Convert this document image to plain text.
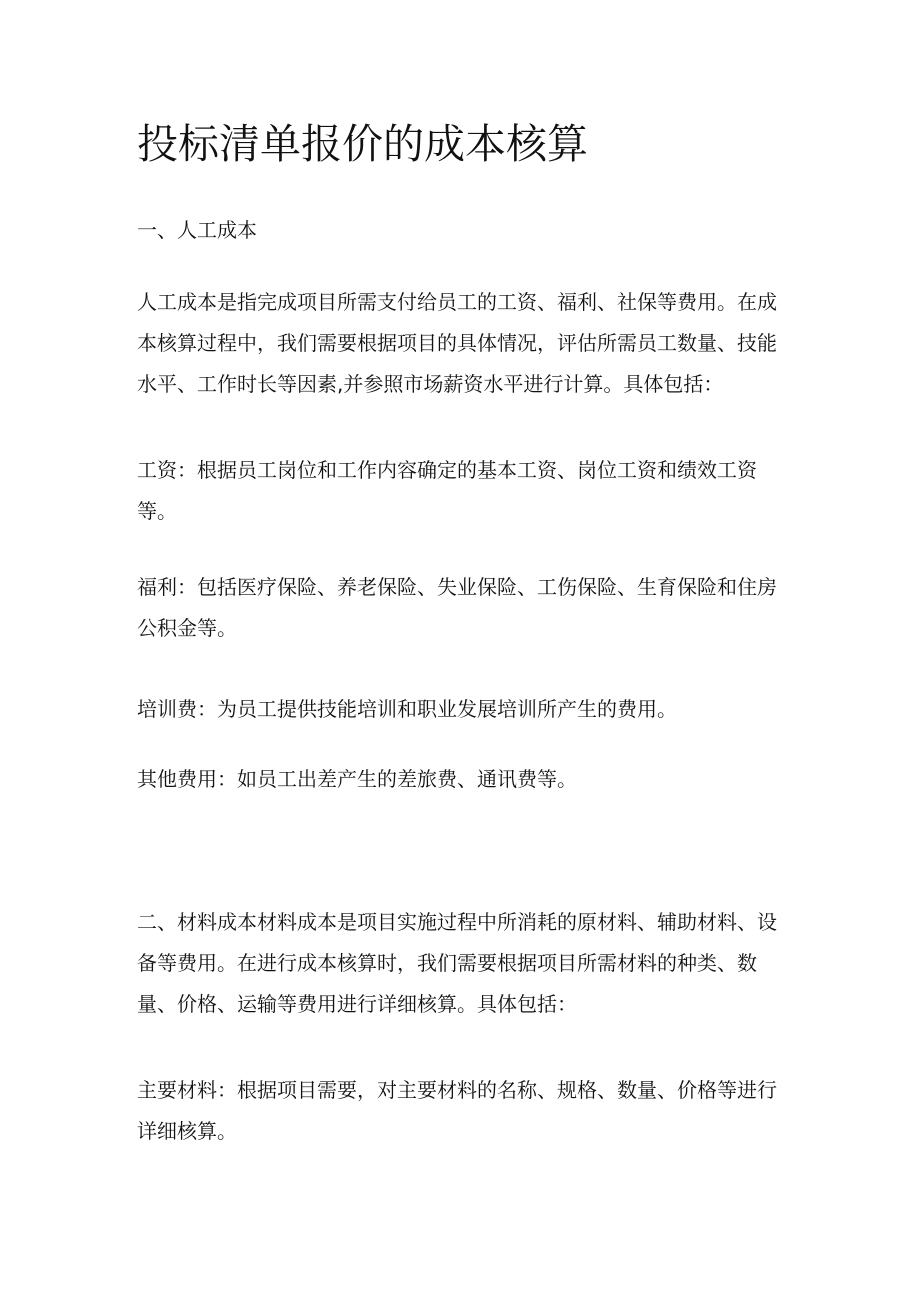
投标清单报价的成本核算

一、人工成本

人工成本是指完成项目所需支付给员工的工资、福利、社保等费用。在成本核算过程中，我们需要根据项目的具体情况，评估所需员工数量、技能水平、工作时长等因素,并参照市场薪资水平进行计算。具体包括：

工资：根据员工岗位和工作内容确定的基本工资、岗位工资和绩效工资等。

福利：包括医疗保险、养老保险、失业保险、工伤保险、生育保险和住房公积金等。

培训费：为员工提供技能培训和职业发展培训所产生的费用。

其他费用：如员工出差产生的差旅费、通讯费等。

二、材料成本材料成本是项目实施过程中所消耗的原材料、辅助材料、设备等费用。在进行成本核算时，我们需要根据项目所需材料的种类、数量、价格、运输等费用进行详细核算。具体包括：

主要材料：根据项目需要，对主要材料的名称、规格、数量、价格等进行详细核算。
